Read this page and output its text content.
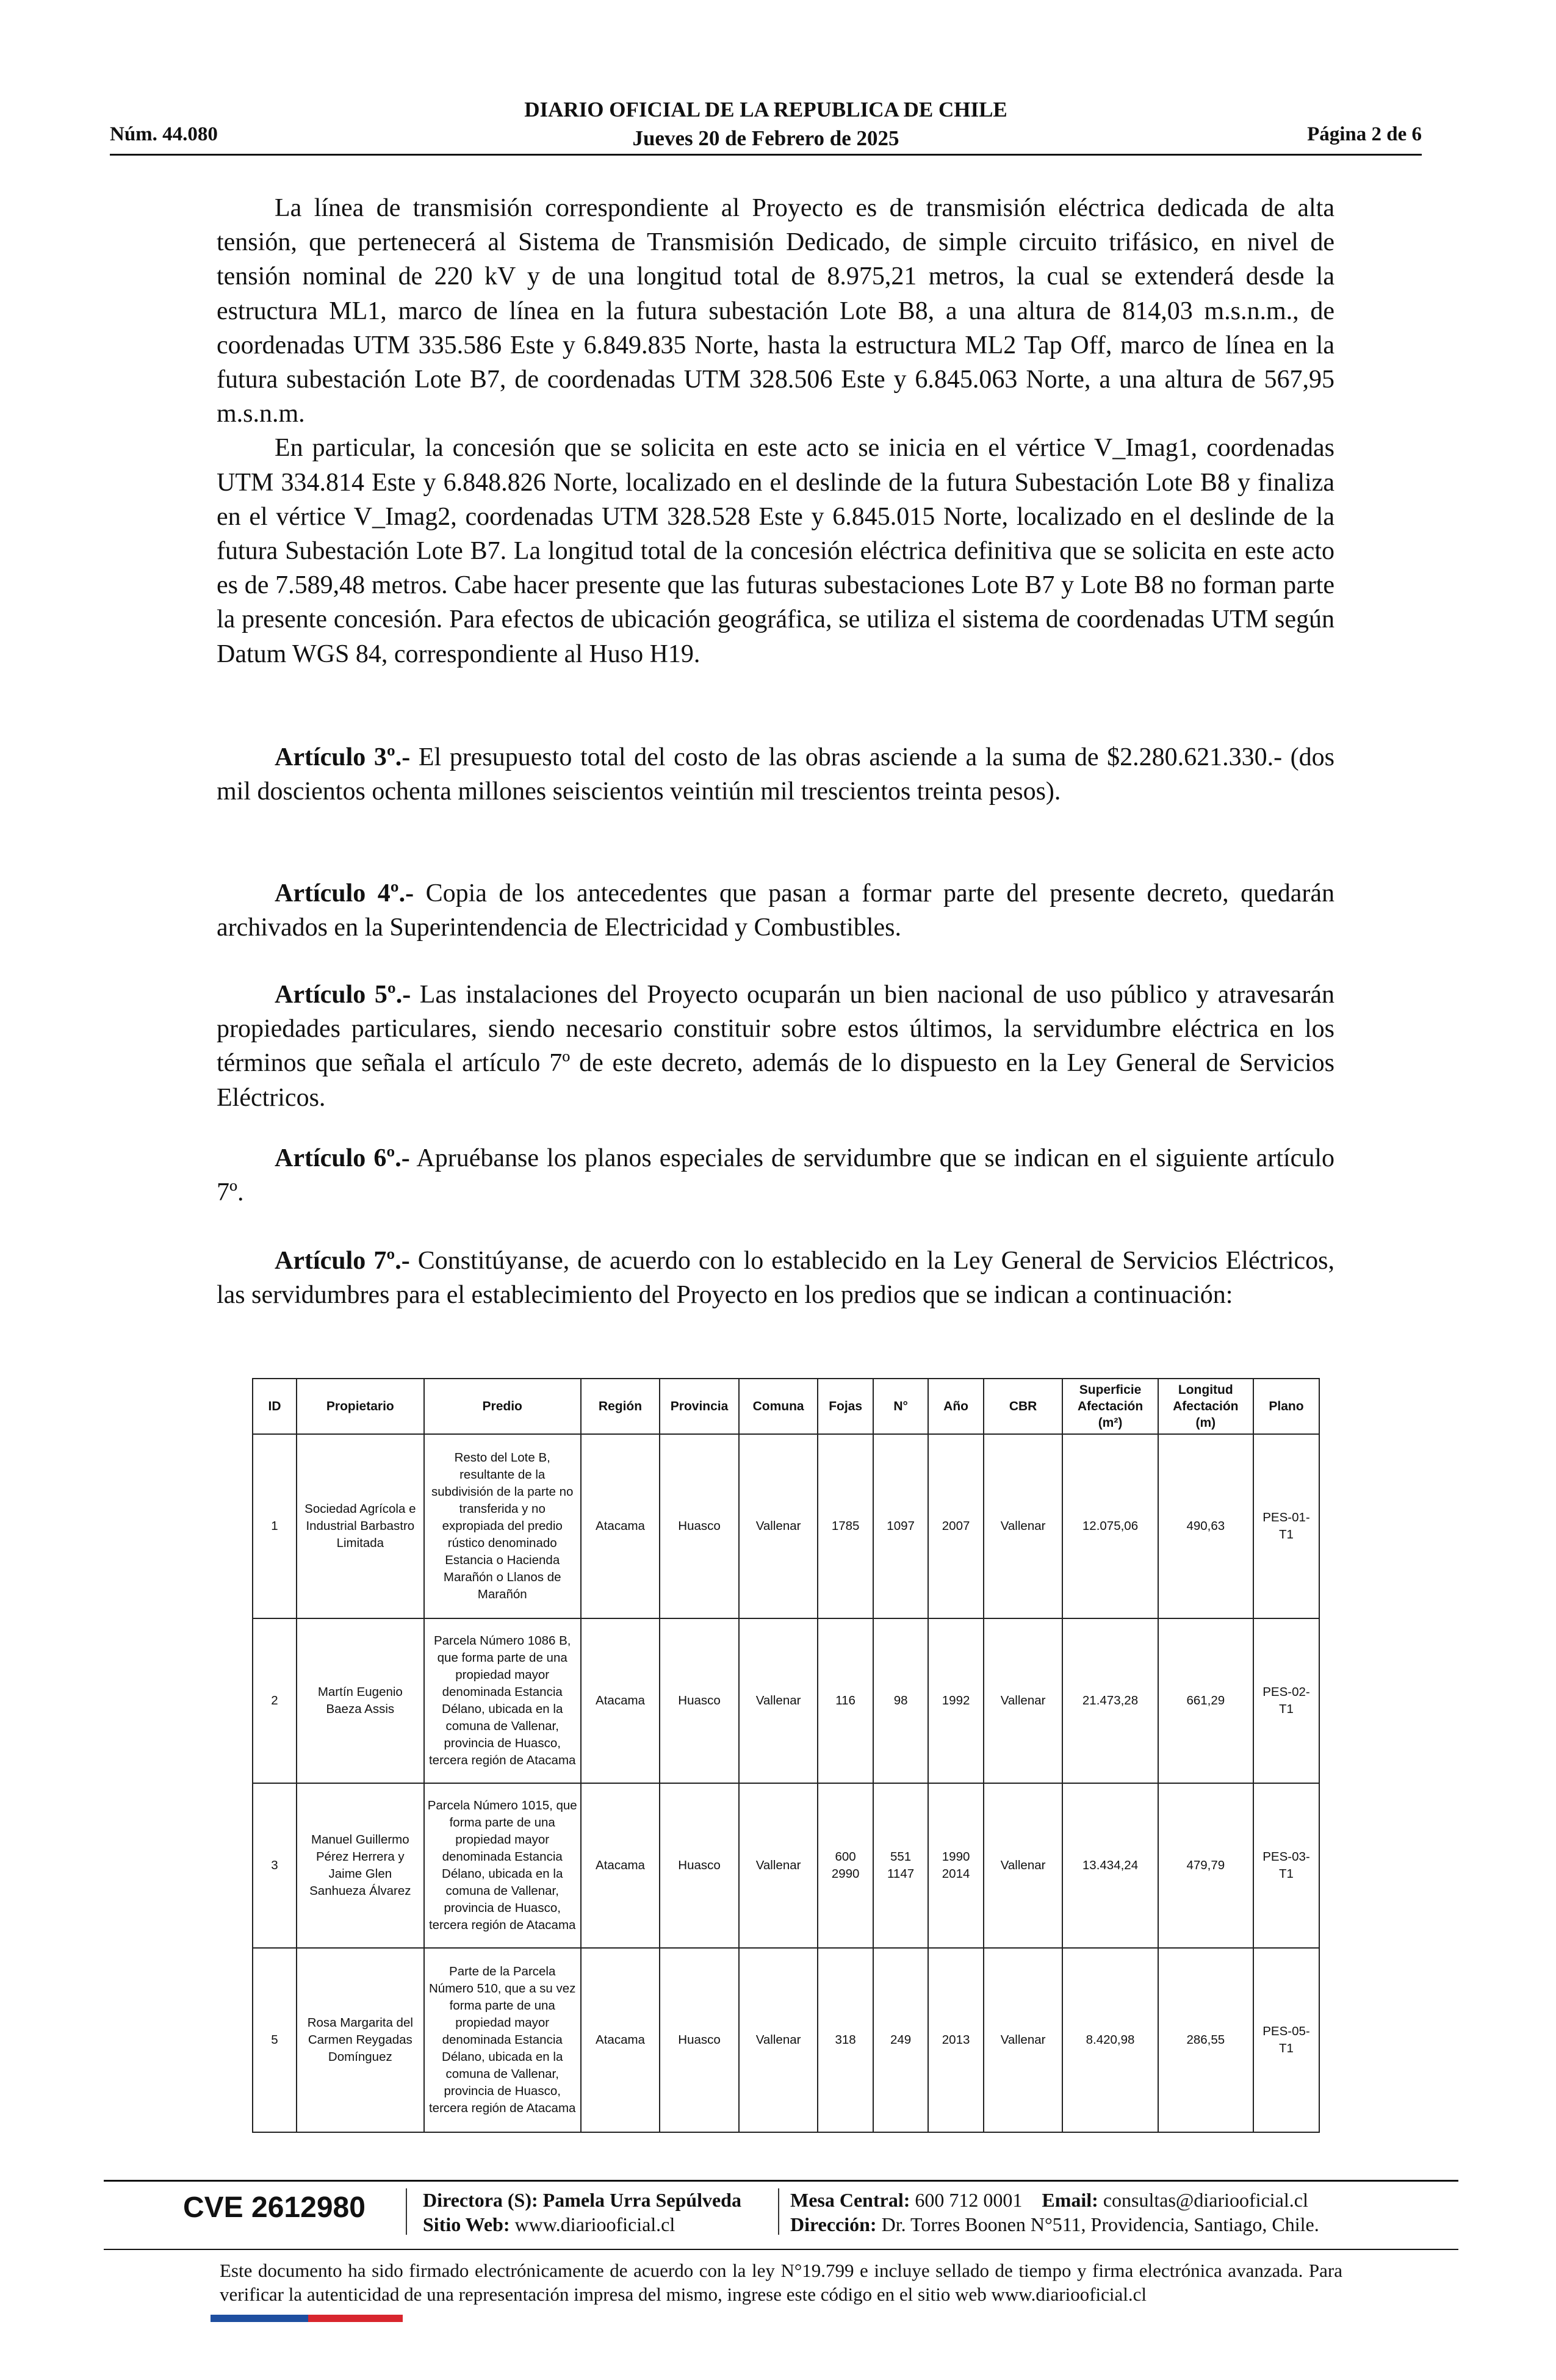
Núm. 44.080
DIARIO OFICIAL DE LA REPUBLICA DE CHILE
Jueves 20 de Febrero de 2025	Página 2 de 6

La línea de transmisión correspondiente al Proyecto es de transmisión eléctrica dedicada de alta tensión, que pertenecerá al Sistema de Transmisión Dedicado, de simple circuito trifásico, en nivel de tensión nominal de 220 kV y de una longitud total de 8.975,21 metros, la cual se extenderá desde la estructura ML1, marco de línea en la futura subestación Lote B8, a una altura de 814,03 m.s.n.m., de coordenadas UTM 335.586 Este y 6.849.835 Norte, hasta la estructura ML2 Tap Off, marco de línea en la futura subestación Lote B7, de coordenadas UTM 328.506 Este y 6.845.063 Norte, a una altura de 567,95 m.s.n.m.

En particular, la concesión que se solicita en este acto se inicia en el vértice V_Imag1, coordenadas UTM 334.814 Este y 6.848.826 Norte, localizado en el deslinde de la futura Subestación Lote B8 y finaliza en el vértice V_Imag2, coordenadas UTM 328.528 Este y 6.845.015 Norte, localizado en el deslinde de la futura Subestación Lote B7. La longitud total de la concesión eléctrica definitiva que se solicita en este acto es de 7.589,48 metros. Cabe hacer presente que las futuras subestaciones Lote B7 y Lote B8 no forman parte la presente concesión. Para efectos de ubicación geográfica, se utiliza el sistema de coordenadas UTM según Datum WGS 84, correspondiente al Huso H19.

Artículo 3º.- El presupuesto total del costo de las obras asciende a la suma de $2.280.621.330.- (dos mil doscientos ochenta millones seiscientos veintiún mil trescientos treinta pesos).

Artículo 4º.- Copia de los antecedentes que pasan a formar parte del presente decreto, quedarán archivados en la Superintendencia de Electricidad y Combustibles.

Artículo 5º.- Las instalaciones del Proyecto ocuparán un bien nacional de uso público y atravesarán propiedades particulares, siendo necesario constituir sobre estos últimos, la servidumbre eléctrica en los términos que señala el artículo 7º de este decreto, además de lo dispuesto en la Ley General de Servicios Eléctricos.

Artículo 6º.- Apruébanse los planos especiales de servidumbre que se indican en el siguiente artículo 7º.

Artículo 7º.- Constitúyanse, de acuerdo con lo establecido en la Ley General de Servicios Eléctricos, las servidumbres para el establecimiento del Proyecto en los predios que se indican a continuación:

ID	Propietario	Predio	Región	Provincia	Comuna	Fojas	N°	Año	CBR	Superficie Afectación (m²)	Longitud Afectación (m)	Plano
1	Sociedad Agrícola e Industrial Barbastro Limitada	Resto del Lote B, resultante de la subdivisión de la parte no transferida y no expropiada del predio rústico denominado Estancia o Hacienda Marañón o Llanos de Marañón	Atacama	Huasco	Vallenar	1785	1097	2007	Vallenar	12.075,06	490,63	PES-01-T1
2	Martín Eugenio Baeza Assis	Parcela Número 1086 B, que forma parte de una propiedad mayor denominada Estancia Délano, ubicada en la comuna de Vallenar, provincia de Huasco, tercera región de Atacama	Atacama	Huasco	Vallenar	116	98	1992	Vallenar	21.473,28	661,29	PES-02-T1
3	Manuel Guillermo Pérez Herrera y Jaime Glen Sanhueza Álvarez	Parcela Número 1015, que forma parte de una propiedad mayor denominada Estancia Délano, ubicada en la comuna de Vallenar, provincia de Huasco, tercera región de Atacama	Atacama	Huasco	Vallenar	600 2990	551 1147	1990 2014	Vallenar	13.434,24	479,79	PES-03-T1
5	Rosa Margarita del Carmen Reygadas Domínguez	Parte de la Parcela Número 510, que a su vez forma parte de una propiedad mayor denominada Estancia Délano, ubicada en la comuna de Vallenar, provincia de Huasco, tercera región de Atacama	Atacama	Huasco	Vallenar	318	249	2013	Vallenar	8.420,98	286,55	PES-05-T1
CVE 2612980	Directora (S): Pamela Urra Sepúlveda
Sitio Web: www.diariooficial.cl
Mesa Central: 600 712 0001 Email: consultas@diariooficial.cl
Dirección: Dr. Torres Boonen N°511, Providencia, Santiago, Chile.
Este documento ha sido firmado electrónicamente de acuerdo con la ley N°19.799 e incluye sellado de tiempo y firma electrónica avanzada. Para verificar la autenticidad de una representación impresa del mismo, ingrese este código en el sitio web www.diariooficial.cl
